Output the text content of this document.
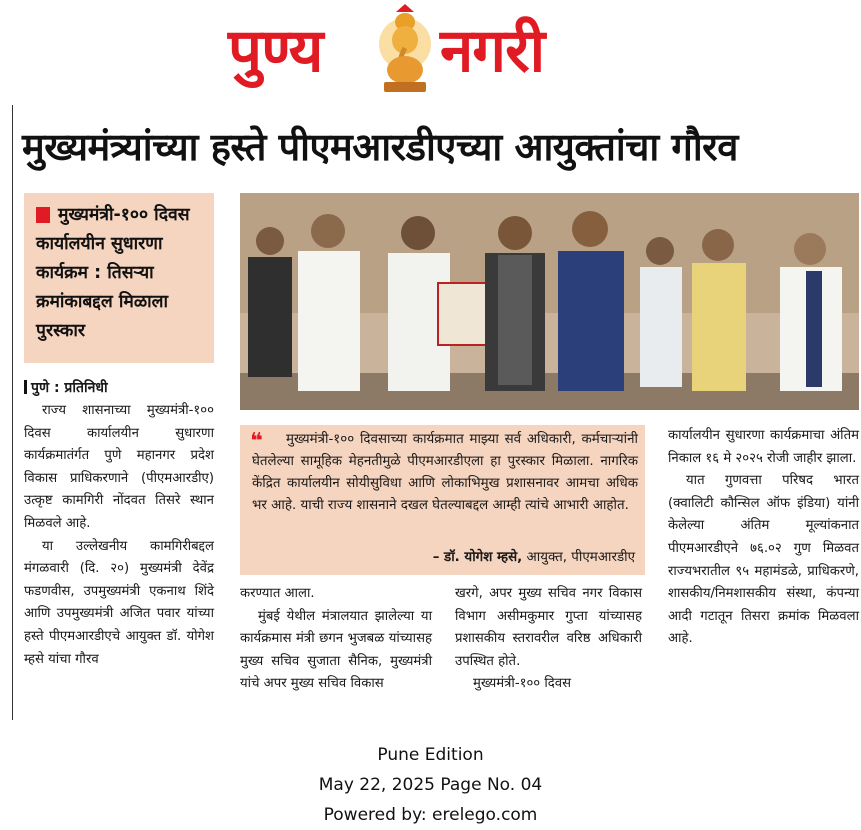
पुण्य नगरी
मुख्यमंत्र्यांच्या हस्ते पीएमआरडीएच्या आयुक्तांचा गौरव
मुख्यमंत्री-१०० दिवस कार्यालयीन सुधारणा कार्यक्रम : तिसऱ्या क्रमांकाबद्दल मिळाला पुरस्कार
पुणे : प्रतिनिधी

राज्य शासनाच्या मुख्यमंत्री-१०० दिवस कार्यालयीन सुधारणा कार्यक्रमातंर्गत पुणे महानगर प्रदेश विकास प्राधिकरणाने (पीएमआरडीए) उत्कृष्ट कामगिरी नोंदवत तिसरे स्थान मिळवले आहे.

या उल्लेखनीय कामगिरीबद्दल मंगळवारी (दि. २०) मुख्यमंत्री देवेंद्र फडणवीस, उपमुख्यमंत्री एकनाथ शिंदे आणि उपमुख्यमंत्री अजित पवार यांच्या हस्ते पीएमआरडीएचे आयुक्त डॉ. योगेश म्हसे यांचा गौरव

❝	मुख्यमंत्री-१०० दिवसाच्या कार्यक्रमात माझ्या सर्व अधिकारी, कर्मचाऱ्यांनी घेतलेल्या सामूहिक मेहनतीमुळे पीएमआरडीएला हा पुरस्कार मिळाला. नागरिक केंद्रित कार्यालयीन सोयीसुविधा आणि लोकाभिमुख प्रशासनावर आमचा अधिक भर आहे. याची राज्य शासनाने दखल घेतल्याबद्दल आम्ही त्यांचे आभारी आहोत.
– डॉ. योगेश म्हसे, आयुक्त, पीएमआरडीए

करण्यात आला.

मुंबई येथील मंत्रालयात झालेल्या या कार्यक्रमास मंत्री छगन भुजबळ यांच्यासह मुख्य सचिव सुजाता सैनिक, मुख्यमंत्री यांचे अपर मुख्य सचिव विकास

खरगे, अपर मुख्य सचिव नगर विकास विभाग असीमकुमार गुप्ता यांच्यासह प्रशासकीय स्तरावरील वरिष्ठ अधिकारी उपस्थित होते.

मुख्यमंत्री-१०० दिवस

कार्यालयीन सुधारणा कार्यक्रमाचा अंतिम निकाल १६ मे २०२५ रोजी जाहीर झाला.

यात गुणवत्ता परिषद भारत (क्वालिटी कौन्सिल ऑफ इंडिया) यांनी केलेल्या अंतिम मूल्यांकनात पीएमआरडीएने ७६.०२ गुण मिळवत राज्यभरातील ९५ महामंडळे, प्राधिकरणे, शासकीय/निमशासकीय संस्था, कंपन्या आदी गटातून तिसरा क्रमांक मिळवला आहे.

Pune Edition
May 22, 2025 Page No. 04
Powered by: erelego.com
